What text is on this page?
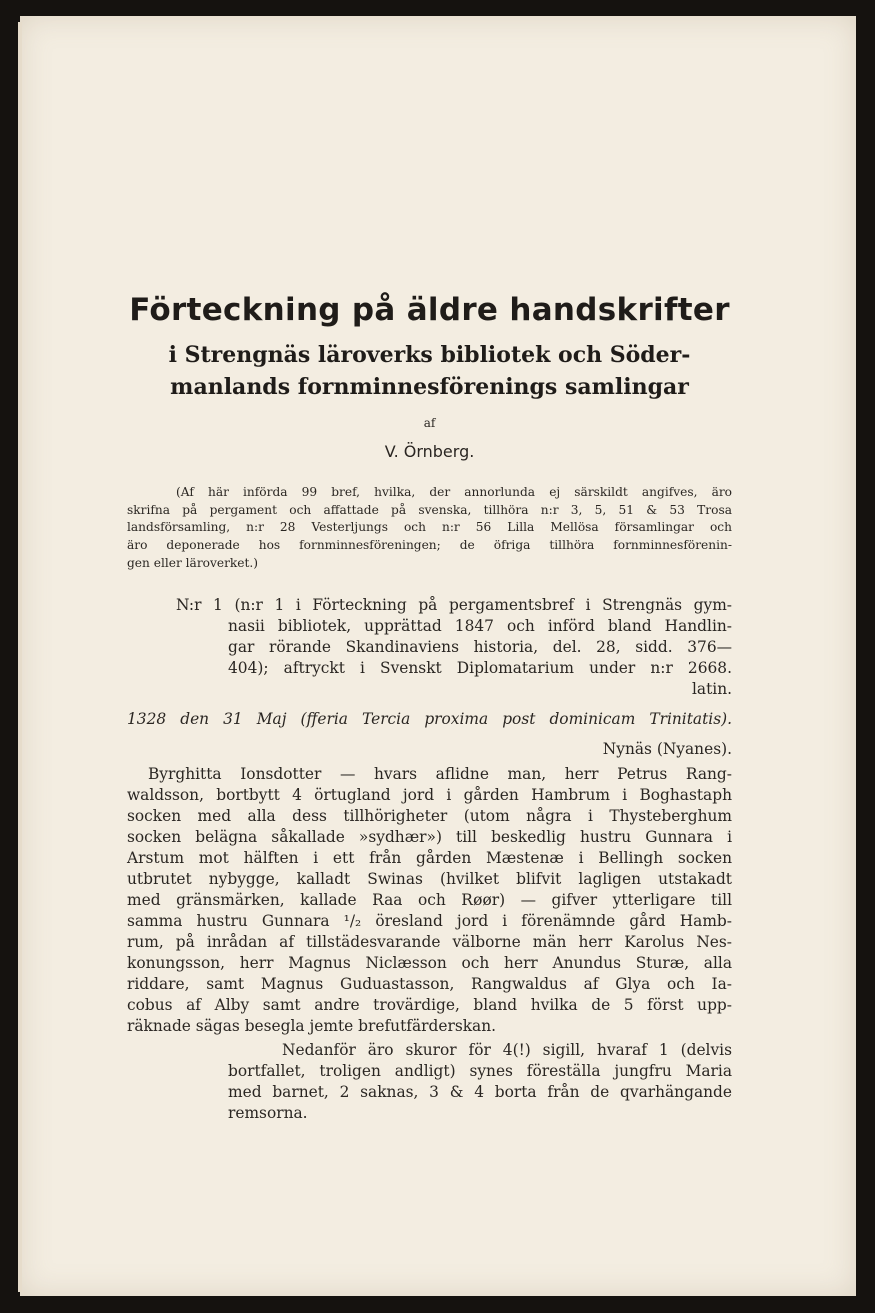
Förteckning på äldre handskrifter
i Strengnäs läroverks bibliotek och Söder-
manlands fornminnesförenings samlingar
af
V. Örnberg.
(Af här införda 99 bref, hvilka, der annorlunda ej särskildt angifves, äro
skrifna på pergament och affattade på svenska, tillhöra n:r 3, 5, 51 & 53 Trosa
landsförsamling, n:r 28 Vesterljungs och n:r 56 Lilla Mellösa församlingar och
äro deponerade hos fornminnesföreningen; de öfriga tillhöra fornminnesförenin-
gen eller läroverket.)
N:r 1 (n:r 1 i Förteckning på pergamentsbref i Strengnäs gym-
nasii bibliotek, upprättad 1847 och införd bland Handlin-
gar rörande Skandinaviens historia, del. 28, sidd. 376—
404); aftryckt i Svenskt Diplomatarium under n:r 2668.
latin.
1328 den 31 Maj (fferia Tercia proxima post dominicam Trinitatis).
Nynäs (Nyanes).
Byrghitta Ionsdotter — hvars aflidne man, herr Petrus Rang-
waldsson, bortbytt 4 örtugland jord i gården Hambrum i Boghastaph
socken med alla dess tillhörigheter (utom några i Thysteberghum
socken belägna såkallade »sydhær») till beskedlig hustru Gunnara i
Arstum mot hälften i ett från gården Mæstenæ i Bellingh socken
utbrutet nybygge, kalladt Swinas (hvilket blifvit lagligen utstakadt
med gränsmärken, kallade Raa och Røør) — gifver ytterligare till
samma hustru Gunnara ¹/₂ öresland jord i förenämnde gård Hamb-
rum, på inrådan af tillstädesvarande välborne män herr Karolus Nes-
konungsson, herr Magnus Niclæsson och herr Anundus Sturæ, alla
riddare, samt Magnus Guduastasson, Rangwaldus af Glya och Ia-
cobus af Alby samt andre trovärdige, bland hvilka de 5 först upp-
räknade sägas besegla jemte brefutfärderskan.
Nedanför äro skuror för 4(!) sigill, hvaraf 1 (delvis
bortfallet, troligen andligt) synes föreställa jungfru Maria
med barnet, 2 saknas, 3 & 4 borta från de qvarhängande
remsorna.
